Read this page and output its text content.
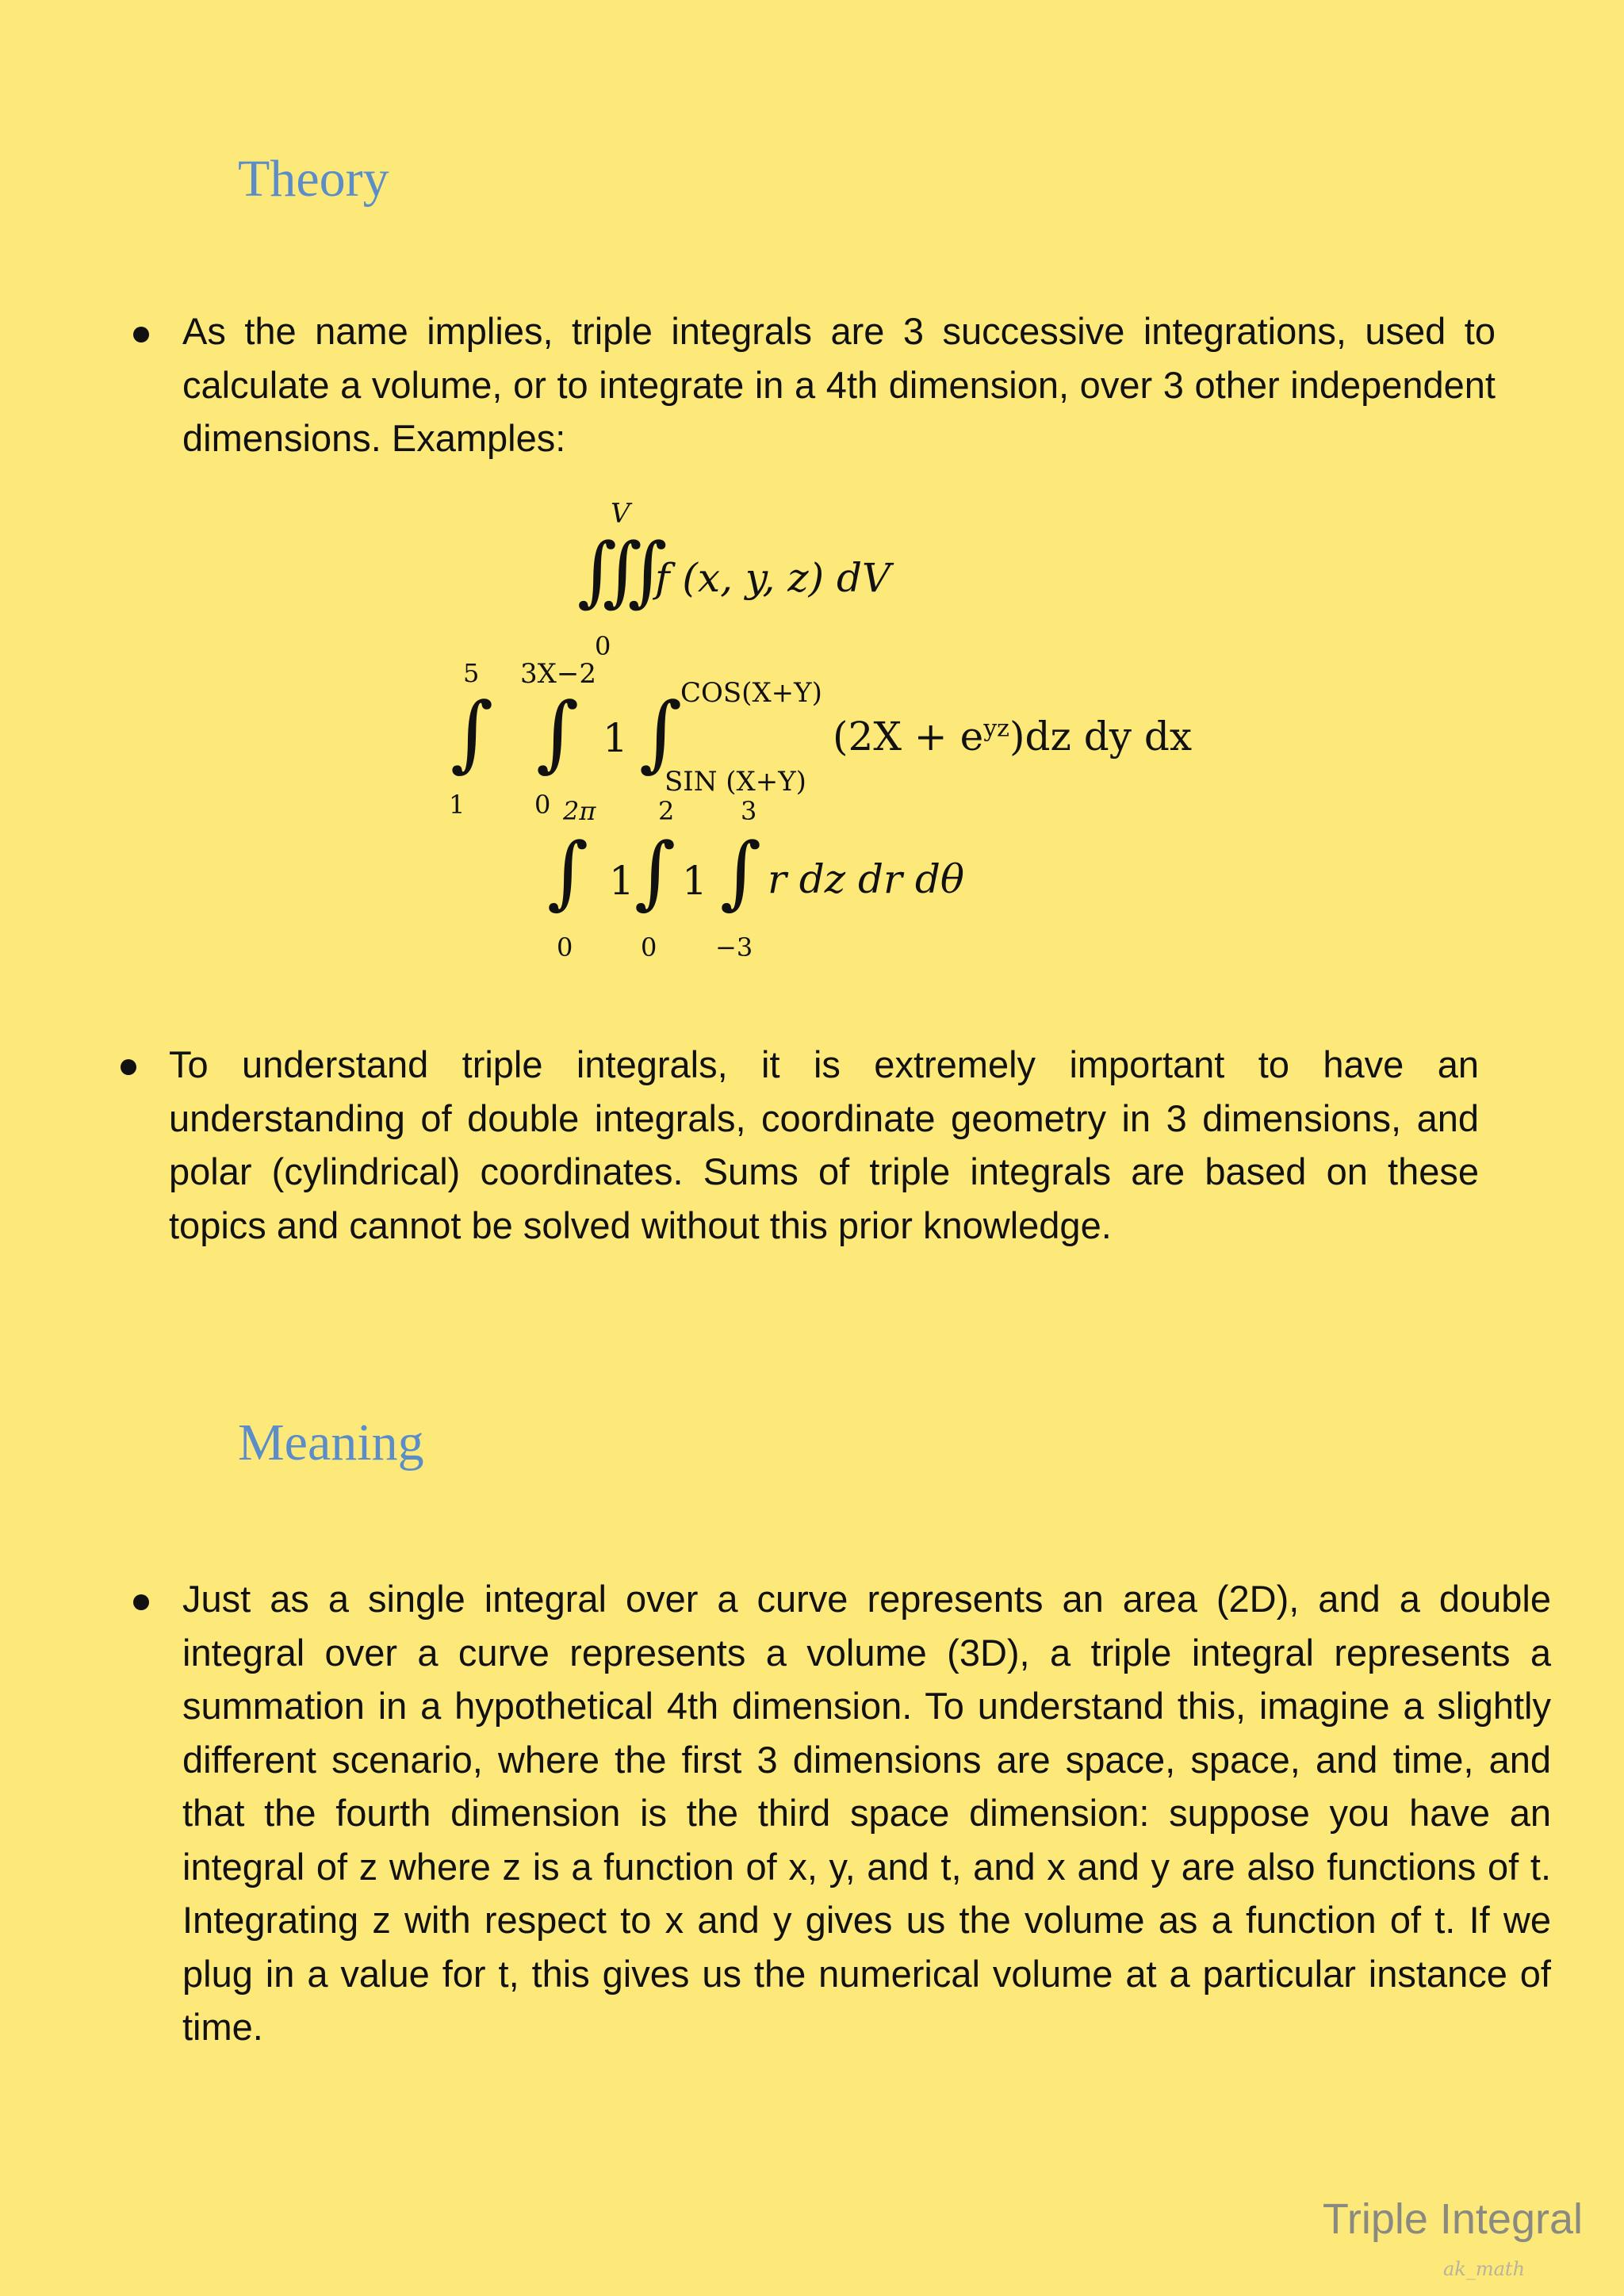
Theory

As the name implies, triple integrals are 3 successive integrations, used to calculate a volume, or to integrate in a 4th dimension, over 3 other independent dimensions. Examples:

V
∭
f (x, y, z) dV
0
5 3X−2
∫ ∫ 1 ∫
COS(X+Y)
$(2X + e^{yz})dz$ dy dx
SIN (X+Y)
1	0 2π 2	3
∫ 1 ∫ 1 ∫ r dz dr dθ
0	0 −3

To understand triple integrals, it is extremely important to have an understanding of double integrals, coordinate geometry in 3 dimensions, and polar (cylindrical) coordinates. Sums of triple integrals are based on these topics and cannot be solved without this prior knowledge.

Meaning

Just as a single integral over a curve represents an area (2D), and a double integral over a curve represents a volume (3D), a triple integral represents a summation in a hypothetical 4th dimension. To understand this, imagine a slightly different scenario, where the first 3 dimensions are space, space, and time, and that the fourth dimension is the third space dimension: suppose you have an integral of z where z is a function of x, y, and t, and x and y are also functions of t. Integrating z with respect to x and y gives us the volume as a function of t. If we plug in a value for t, this gives us the numerical volume at a particular instance of time.

Triple Integral
ak_math
